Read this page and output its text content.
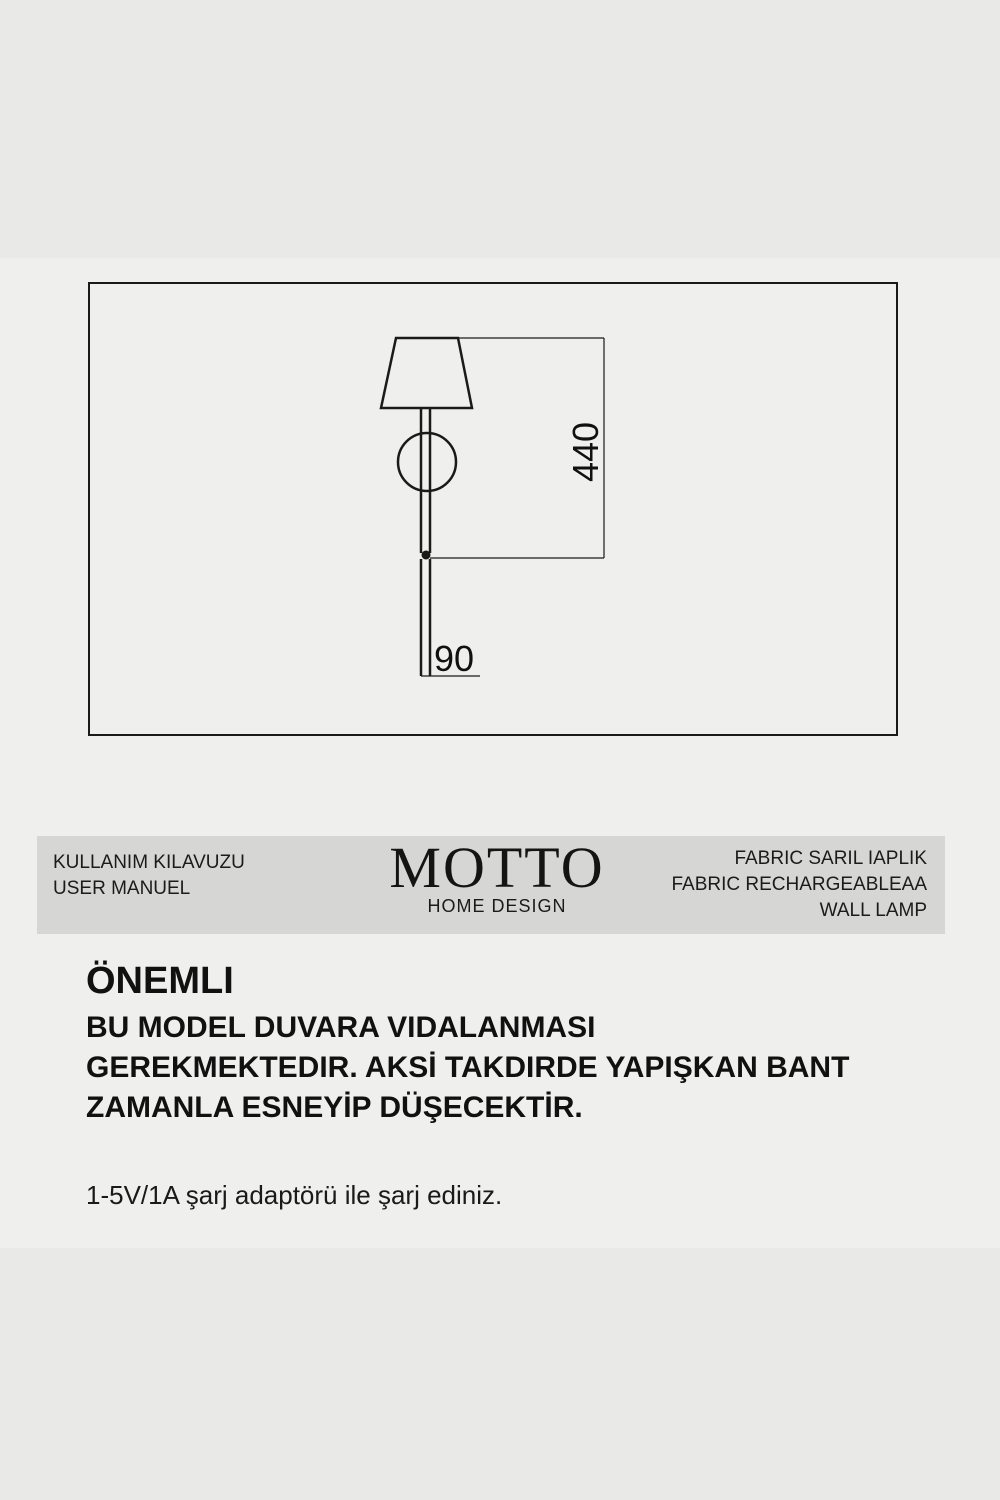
440
90
KULLANIM KILAVUZU
USER MANUEL	MOTTO
HOME DESIGN
FABRIC SARIL IAPLIK
FABRIC RECHARGEABLEAA
WALL LAMP
ÖNEMLI
BU MODEL DUVARA VIDALANMASI
GEREKMEKTEDIR. AKSİ TAKDIRDE YAPIŞKAN BANT
ZAMANLA ESNEYİP DÜŞECEKTİR.
1-5V/1A şarj adaptörü ile şarj ediniz.
